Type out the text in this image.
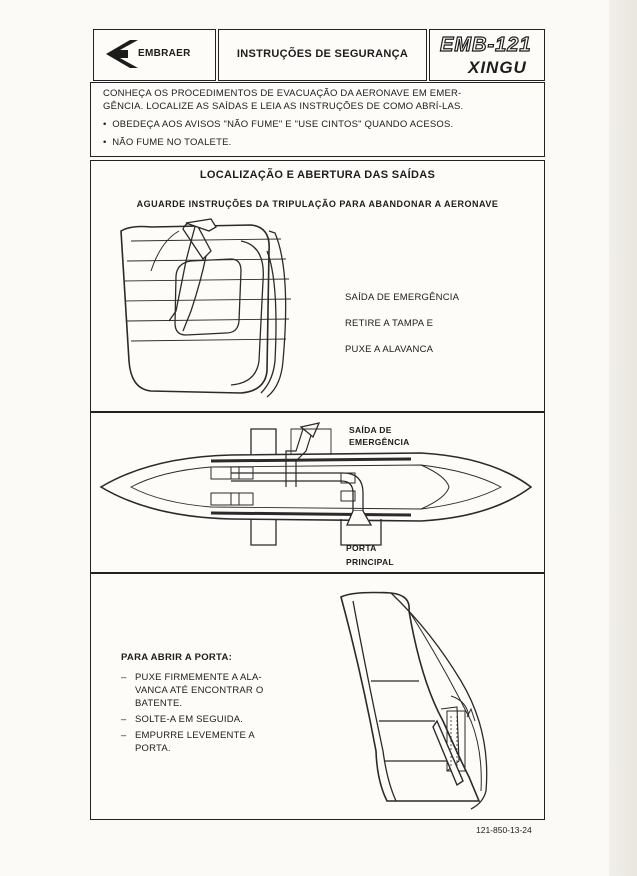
EMBRAER	INSTRUÇÕES DE SEGURANÇA	EMB-121
XINGU
CONHEÇA OS PROCEDIMENTOS DE EVACUAÇÃO DA AERONAVE EM EMER-
GÊNCIA. LOCALIZE AS SAÍDAS E LEIA AS INSTRUÇÕES DE COMO ABRÍ-LAS.
•  OBEDEÇA AOS AVISOS "NÃO FUME" E "USE CINTOS" QUANDO ACESOS.
•  NÃO FUME NO TOALETE.
LOCALIZAÇÃO E ABERTURA DAS SAÍDAS
AGUARDE INSTRUÇÕES DA TRIPULAÇÃO PARA ABANDONAR A AERONAVE
SAÍDA DE EMERGÊNCIA
RETIRE A TAMPA E
PUXE A ALAVANCA
SAÍDA DE
EMERGÊNCIA
PORTA
PRINCIPAL
PARA ABRIR A PORTA:
– PUXE FIRMEMENTE A ALA-
VANCA ATÉ ENCONTRAR O
BATENTE.
– SOLTE-A EM SEGUIDA.
– EMPURRE LEVEMENTE A
PORTA.
121-850-13-24
